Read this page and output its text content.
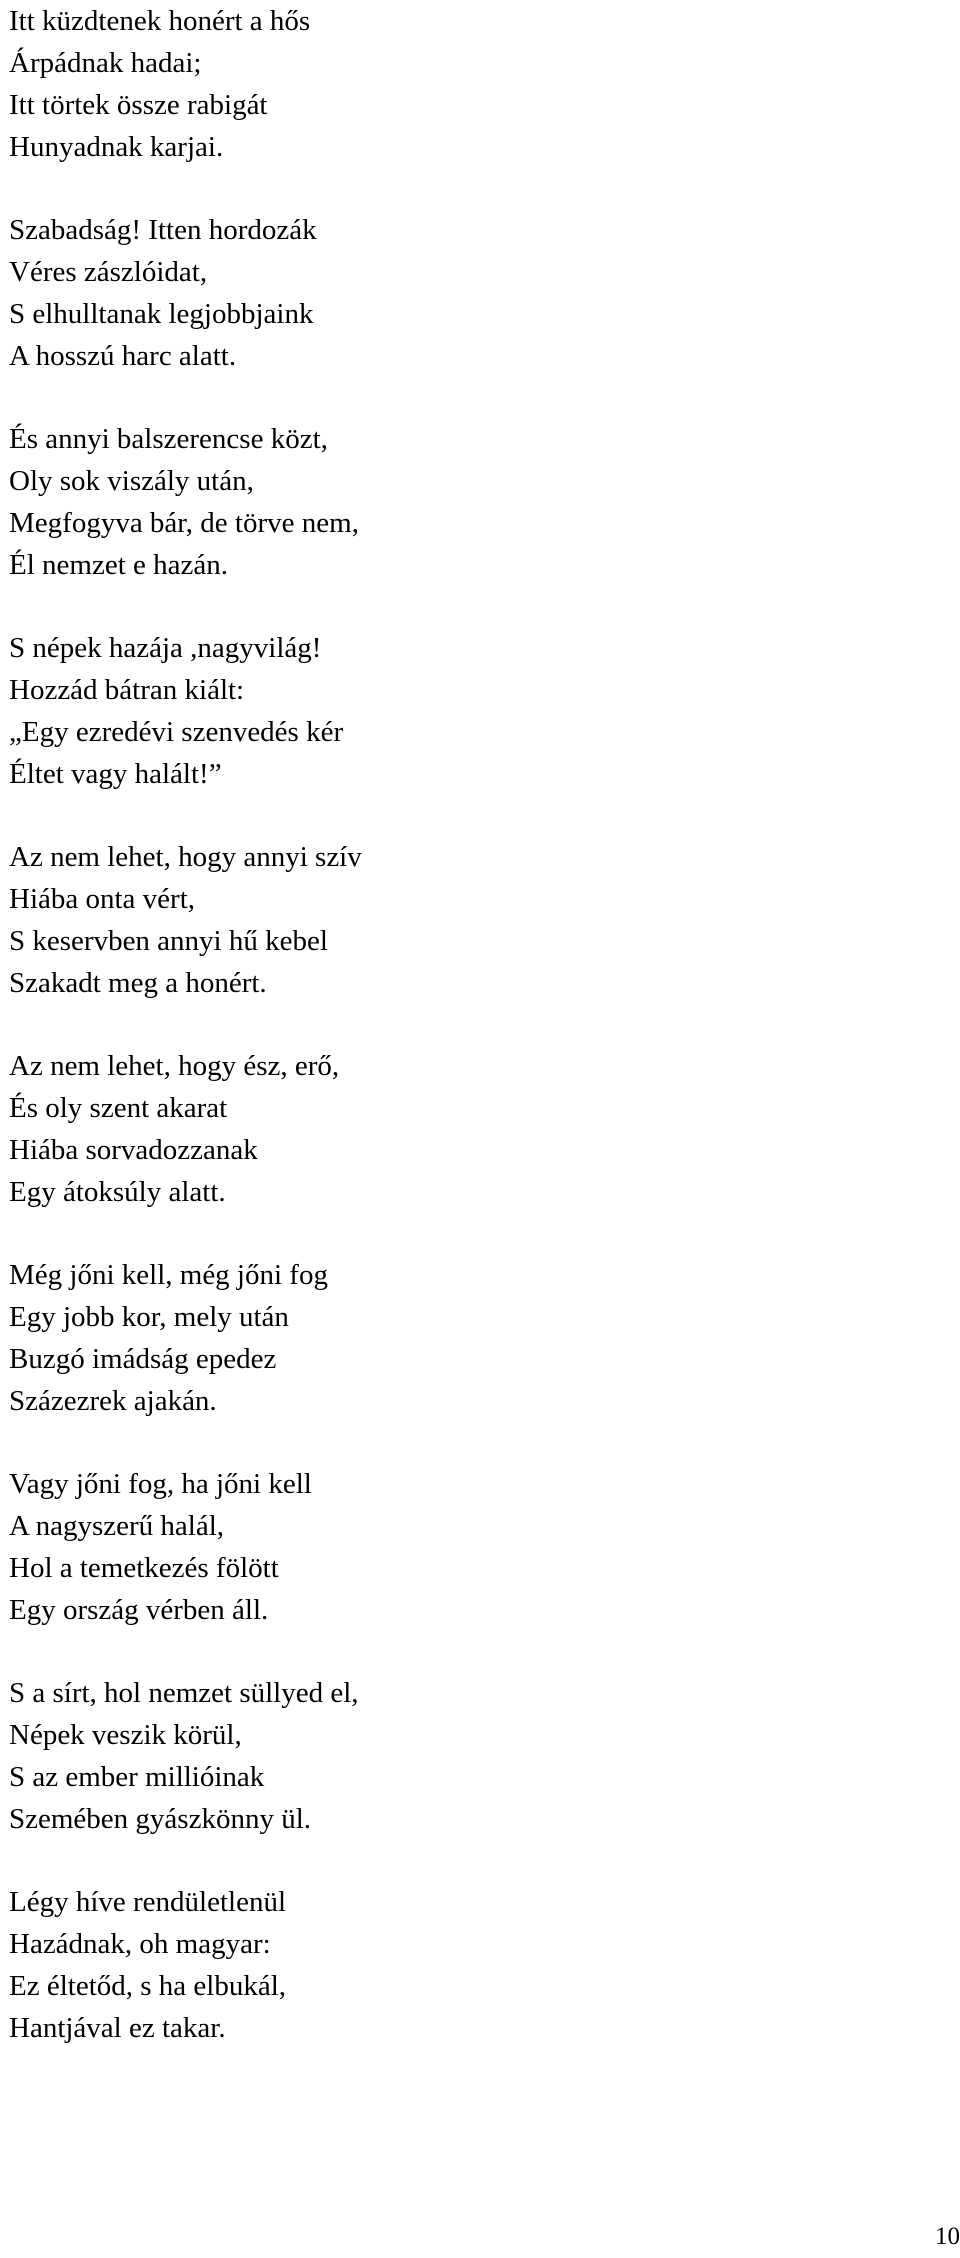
Itt küzdtenek honért a hős
Árpádnak hadai;
Itt törtek össze rabigát
Hunyadnak karjai.
Szabadság! Itten hordozák
Véres zászlóidat,
S elhulltanak legjobbjaink
A hosszú harc alatt.
És annyi balszerencse közt,
Oly sok viszály után,
Megfogyva bár, de törve nem,
Él nemzet e hazán.
S népek hazája ,nagyvilág!
Hozzád bátran kiált:
„Egy ezredévi szenvedés kér
Éltet vagy halált!”
Az nem lehet, hogy annyi szív
Hiába onta vért,
S keservben annyi hű kebel
Szakadt meg a honért.
Az nem lehet, hogy ész, erő,
És oly szent akarat
Hiába sorvadozzanak
Egy átoksúly alatt.
Még jőni kell, még jőni fog
Egy jobb kor, mely után
Buzgó imádság epedez
Százezrek ajakán.
Vagy jőni fog, ha jőni kell
A nagyszerű halál,
Hol a temetkezés fölött
Egy ország vérben áll.
S a sírt, hol nemzet süllyed el,
Népek veszik körül,
S az ember millióinak
Szemében gyászkönny ül.
Légy híve rendületlenül
Hazádnak, oh magyar:
Ez éltetőd, s ha elbukál,
Hantjával ez takar.
10
